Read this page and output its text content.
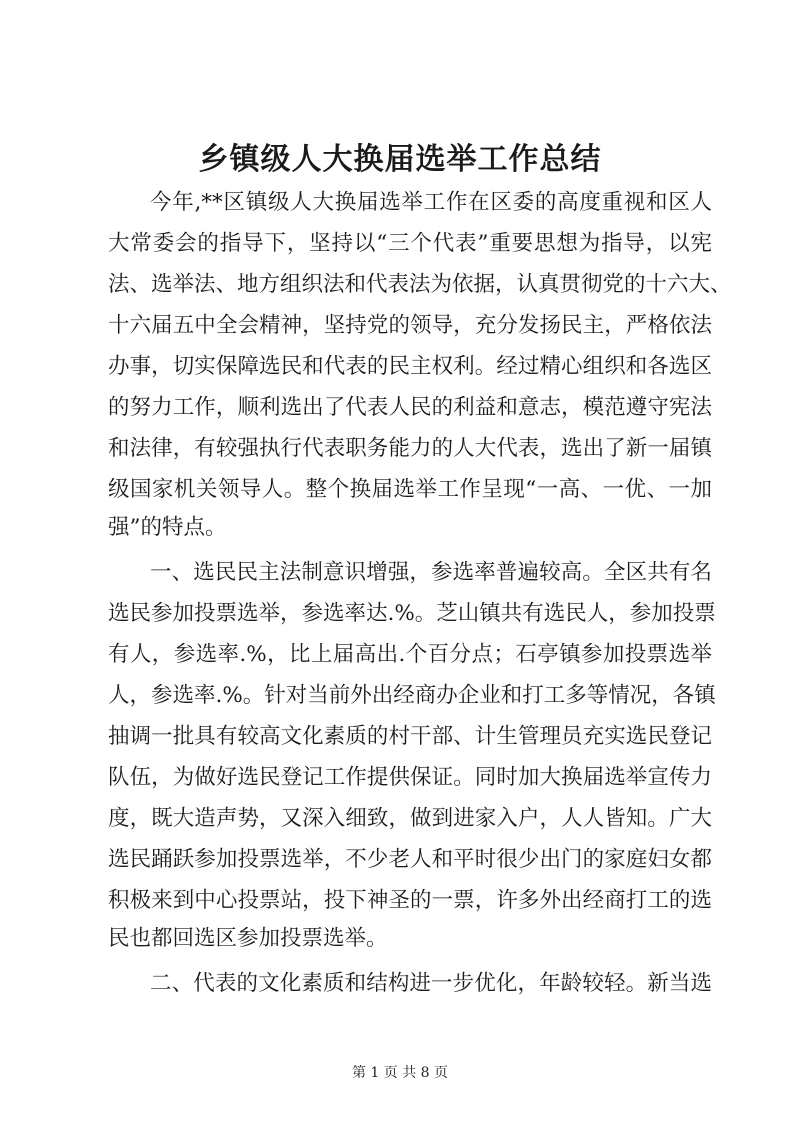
乡镇级人大换届选举工作总结
今年,**区镇级人大换届选举工作在区委的高度重视和区人
大常委会的指导下，坚持以“三个代表”重要思想为指导，以宪
法、选举法、地方组织法和代表法为依据，认真贯彻党的十六大、
十六届五中全会精神，坚持党的领导，充分发扬民主，严格依法
办事，切实保障选民和代表的民主权利。经过精心组织和各选区
的努力工作，顺利选出了代表人民的利益和意志，模范遵守宪法
和法律，有较强执行代表职务能力的人大代表，选出了新一届镇
级国家机关领导人。整个换届选举工作呈现“一高、一优、一加
强”的特点。
一、选民民主法制意识增强，参选率普遍较高。全区共有名
选民参加投票选举，参选率达.%。芝山镇共有选民人，参加投票
有人，参选率.%，比上届高出.个百分点；石亭镇参加投票选举
人，参选率.%。针对当前外出经商办企业和打工多等情况，各镇
抽调一批具有较高文化素质的村干部、计生管理员充实选民登记
队伍，为做好选民登记工作提供保证。同时加大换届选举宣传力
度，既大造声势，又深入细致，做到进家入户，人人皆知。广大
选民踊跃参加投票选举，不少老人和平时很少出门的家庭妇女都
积极来到中心投票站，投下神圣的一票，许多外出经商打工的选
民也都回选区参加投票选举。
二、代表的文化素质和结构进一步优化，年龄较轻。新当选
第 1 页 共 8 页
